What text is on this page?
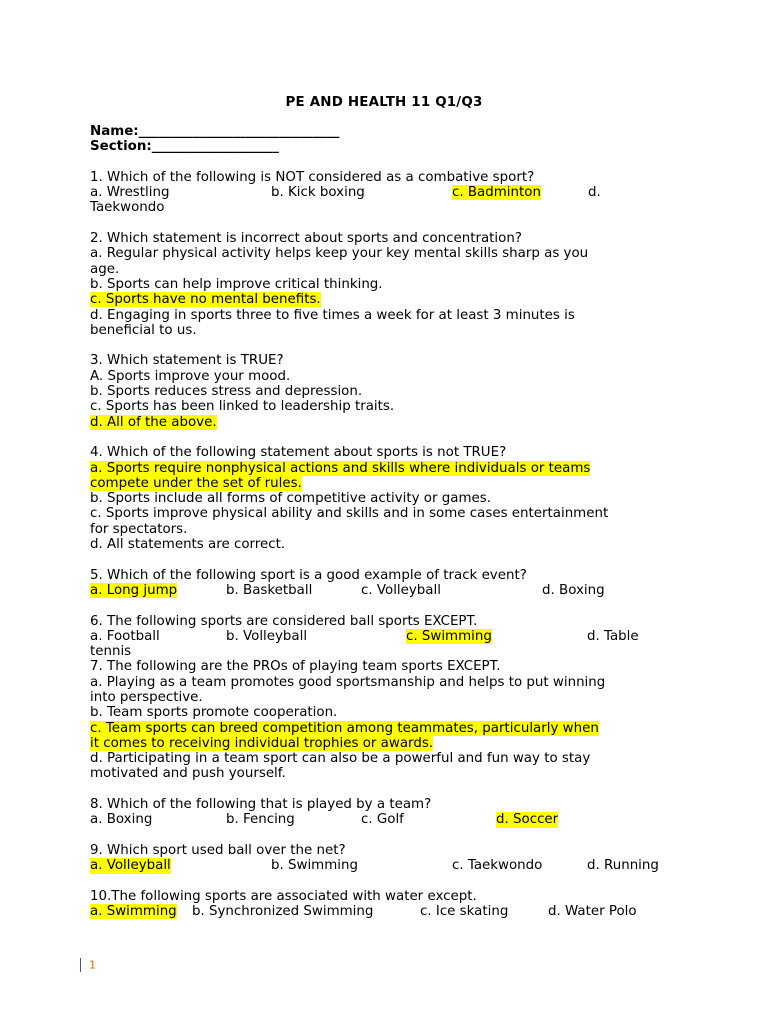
PE AND HEALTH 11 Q1/Q3
Name:______________________________
Section:___________________
1. Which of the following is NOT considered as a combative sport?
a. Wrestling	b. Kick boxing	c. Badminton	d.
Taekwondo
2. Which statement is incorrect about sports and concentration?
a. Regular physical activity helps keep your key mental skills sharp as you
age.
b. Sports can help improve critical thinking.
c. Sports have no mental benefits.
d. Engaging in sports three to five times a week for at least 3 minutes is
beneficial to us.
3. Which statement is TRUE?
A. Sports improve your mood.
b. Sports reduces stress and depression.
c. Sports has been linked to leadership traits.
d. All of the above.
4. Which of the following statement about sports is not TRUE?
a. Sports require nonphysical actions and skills where individuals or teams
compete under the set of rules.
b. Sports include all forms of competitive activity or games.
c. Sports improve physical ability and skills and in some cases entertainment
for spectators.
d. All statements are correct.
5. Which of the following sport is a good example of track event?
a. Long jump	b. Basketball	c. Volleyball	d. Boxing
6. The following sports are considered ball sports EXCEPT.
a. Football	b. Volleyball	c. Swimming	d. Table
tennis
7. The following are the PROs of playing team sports EXCEPT.
a. Playing as a team promotes good sportsmanship and helps to put winning
into perspective.
b. Team sports promote cooperation.
c. Team sports can breed competition among teammates, particularly when
it comes to receiving individual trophies or awards.
d. Participating in a team sport can also be a powerful and fun way to stay
motivated and push yourself.
8. Which of the following that is played by a team?
a. Boxing	b. Fencing	c. Golf	d. Soccer
9. Which sport used ball over the net?
a. Volleyball	b. Swimming	c. Taekwondo	d. Running
10.The following sports are associated with water except.
a. Swimming b. Synchronized Swimming	c. Ice skating	d. Water Polo
1
